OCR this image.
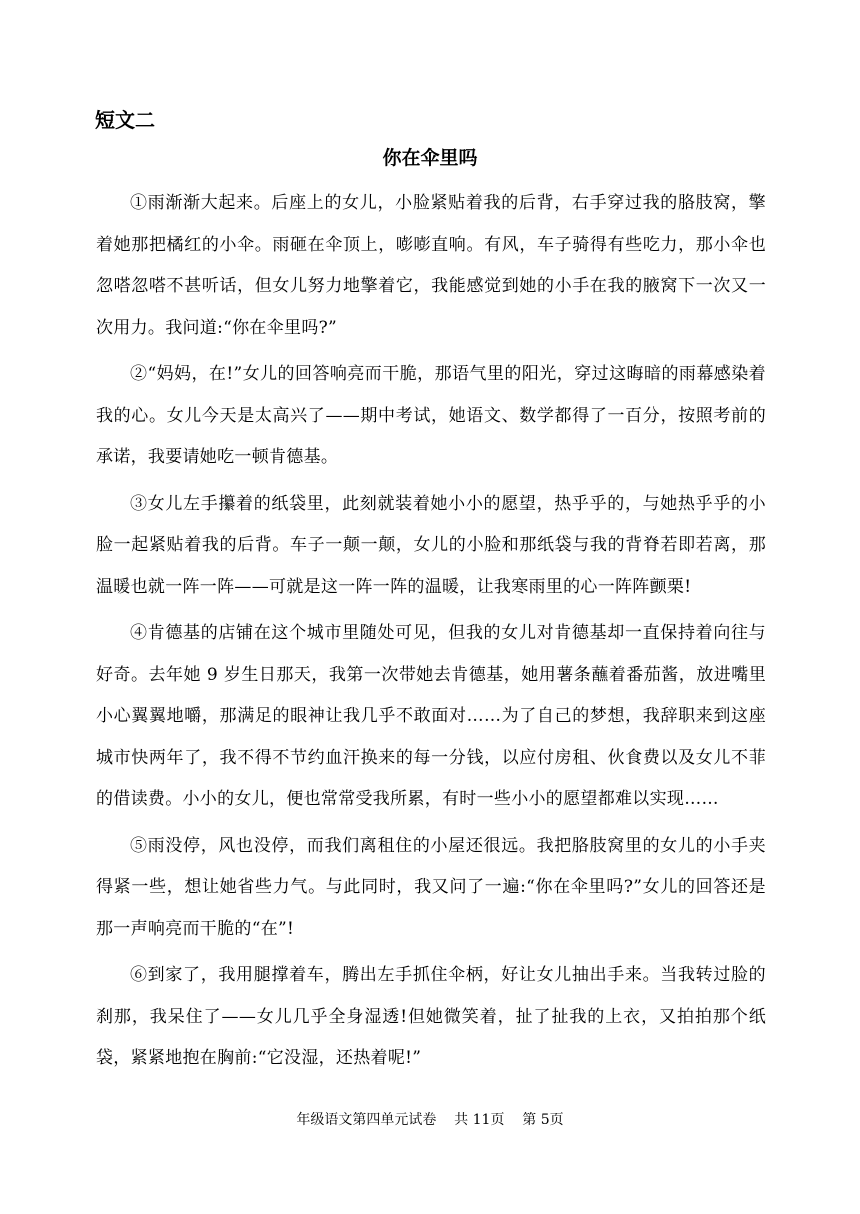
短文二
你在伞里吗

①雨渐渐大起来。后座上的女儿，小脸紧贴着我的后背，右手穿过我的胳肢窝，擎着她那把橘红的小伞。雨砸在伞顶上，嘭嘭直响。有风，车子骑得有些吃力，那小伞也忽嗒忽嗒不甚听话，但女儿努力地擎着它，我能感觉到她的小手在我的腋窝下一次又一次用力。我问道:“你在伞里吗?”

②“妈妈，在!”女儿的回答响亮而干脆，那语气里的阳光，穿过这晦暗的雨幕感染着我的心。女儿今天是太高兴了——期中考试，她语文、数学都得了一百分，按照考前的承诺，我要请她吃一顿肯德基。

③女儿左手攥着的纸袋里，此刻就装着她小小的愿望，热乎乎的，与她热乎乎的小脸一起紧贴着我的后背。车子一颠一颠，女儿的小脸和那纸袋与我的背脊若即若离，那温暖也就一阵一阵——可就是这一阵一阵的温暖，让我寒雨里的心一阵阵颤栗!

④肯德基的店铺在这个城市里随处可见，但我的女儿对肯德基却一直保持着向往与好奇。去年她 9 岁生日那天，我第一次带她去肯德基，她用薯条蘸着番茄酱，放进嘴里小心翼翼地嚼，那满足的眼神让我几乎不敢面对……为了自己的梦想，我辞职来到这座城市快两年了，我不得不节约血汗换来的每一分钱，以应付房租、伙食费以及女儿不菲的借读费。小小的女儿，便也常常受我所累，有时一些小小的愿望都难以实现……

⑤雨没停，风也没停，而我们离租住的小屋还很远。我把胳肢窝里的女儿的小手夹得紧一些，想让她省些力气。与此同时，我又问了一遍:“你在伞里吗?”女儿的回答还是那一声响亮而干脆的“在”!

⑥到家了，我用腿撑着车，腾出左手抓住伞柄，好让女儿抽出手来。当我转过脸的刹那，我呆住了——女儿几乎全身湿透!但她微笑着，扯了扯我的上衣，又拍拍那个纸袋，紧紧地抱在胸前:“它没湿，还热着呢!”

年级语文第四单元试卷    共 11页    第 5页
